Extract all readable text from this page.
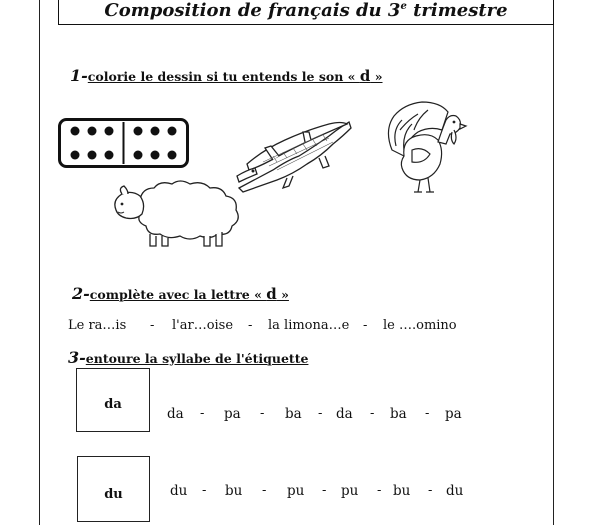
Composition de français du 3e trimestre
1-colorie le dessin si tu entends le son « d »
2-complète avec la lettre « d »
Le ra…is - l'ar…oise - la limona…e - le ….omino
3-entoure la syllabe de l'étiquette
da
da - pa - ba - da - ba - pa
du	du - bu - pu - pu - bu - du
